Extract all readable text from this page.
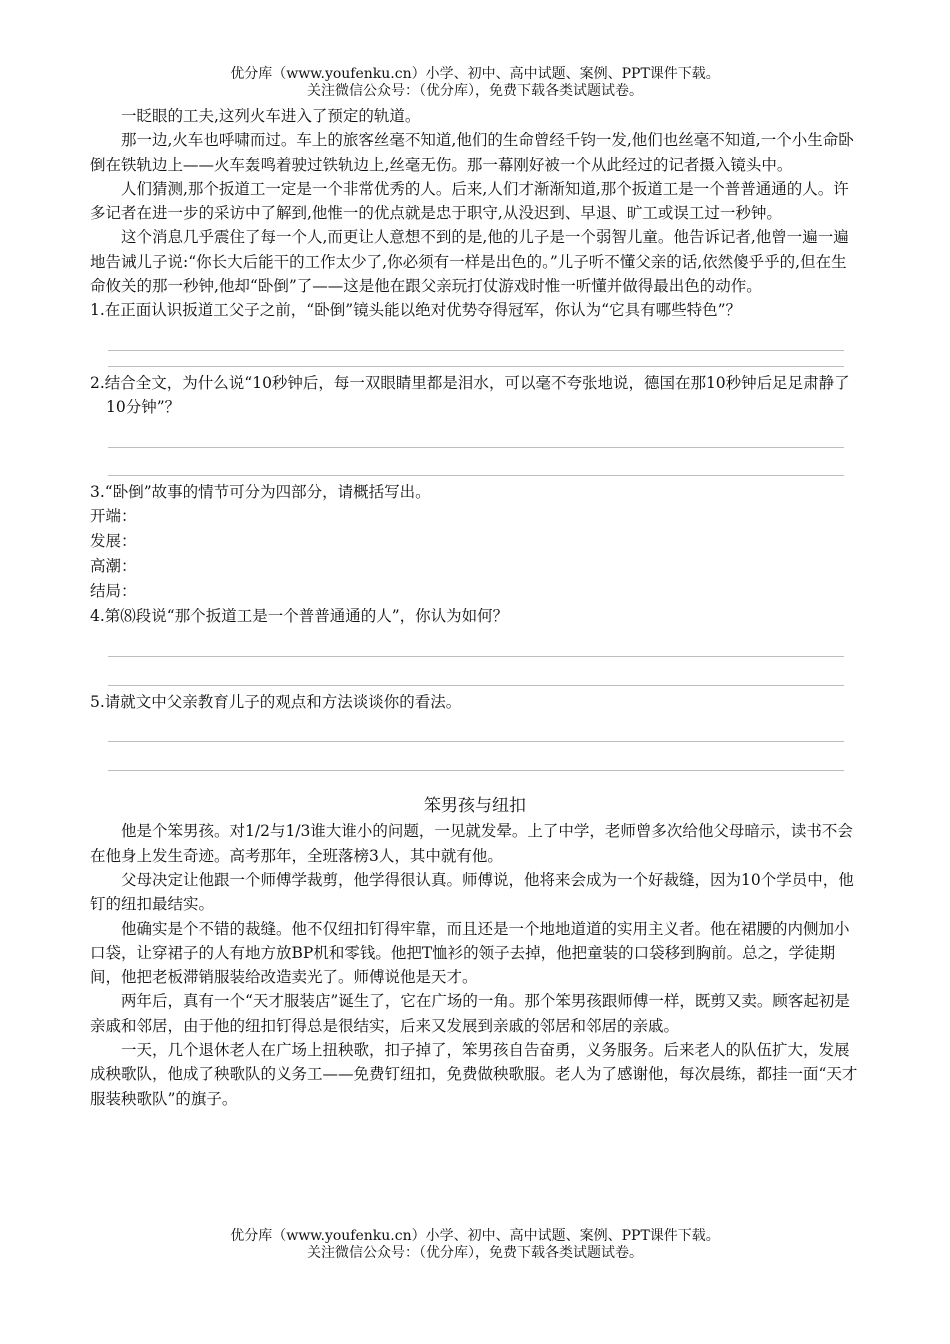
优分库（www.youfenku.cn）小学、初中、高中试题、案例、PPT课件下载。
关注微信公众号：（优分库），免费下载各类试题试卷。

一眨眼的工夫,这列火车进入了预定的轨道。

那一边,火车也呼啸而过。车上的旅客丝毫不知道,他们的生命曾经千钧一发,他们也丝毫不知道,一个小生命卧倒在铁轨边上——火车轰鸣着驶过铁轨边上,丝毫无伤。那一幕刚好被一个从此经过的记者摄入镜头中。

人们猜测,那个扳道工一定是一个非常优秀的人。后来,人们才渐渐知道,那个扳道工是一个普普通通的人。许多记者在进一步的采访中了解到,他惟一的优点就是忠于职守,从没迟到、早退、旷工或误工过一秒钟。

这个消息几乎震住了每一个人,而更让人意想不到的是,他的儿子是一个弱智儿童。他告诉记者,他曾一遍一遍地告诫儿子说:“你长大后能干的工作太少了,你必须有一样是出色的。”儿子听不懂父亲的话,依然傻乎乎的,但在生命攸关的那一秒钟,他却“卧倒”了——这是他在跟父亲玩打仗游戏时惟一听懂并做得最出色的动作。

1.在正面认识扳道工父子之前，“卧倒”镜头能以绝对优势夺得冠军，你认为“它具有哪些特色”？

2.结合全文，为什么说“10秒钟后，每一双眼睛里都是泪水，可以毫不夸张地说，德国在那10秒钟后足足肃静了10分钟”？

3.“卧倒”故事的情节可分为四部分，请概括写出。

开端：

发展：

高潮：

结局：

4.第⑻段说“那个扳道工是一个普普通通的人”，你认为如何？

5.请就文中父亲教育儿子的观点和方法谈谈你的看法。

笨男孩与纽扣

他是个笨男孩。对1/2与1/3谁大谁小的问题，一见就发晕。上了中学，老师曾多次给他父母暗示，读书不会在他身上发生奇迹。高考那年，全班落榜3人，其中就有他。

父母决定让他跟一个师傅学裁剪，他学得很认真。师傅说，他将来会成为一个好裁缝，因为10个学员中，他钉的纽扣最结实。

他确实是个不错的裁缝。他不仅纽扣钉得牢靠，而且还是一个地地道道的实用主义者。他在裙腰的内侧加小口袋，让穿裙子的人有地方放BP机和零钱。他把T恤衫的领子去掉，他把童装的口袋移到胸前。总之，学徒期间，他把老板滞销服装给改造卖光了。师傅说他是天才。

两年后，真有一个“天才服装店”诞生了，它在广场的一角。那个笨男孩跟师傅一样，既剪又卖。顾客起初是亲戚和邻居，由于他的纽扣钉得总是很结实，后来又发展到亲戚的邻居和邻居的亲戚。

一天，几个退休老人在广场上扭秧歌，扣子掉了，笨男孩自告奋勇，义务服务。后来老人的队伍扩大，发展成秧歌队，他成了秧歌队的义务工——免费钉纽扣，免费做秧歌服。老人为了感谢他，每次晨练，都挂一面“天才服装秧歌队”的旗子。

优分库（www.youfenku.cn）小学、初中、高中试题、案例、PPT课件下载。
关注微信公众号：（优分库），免费下载各类试题试卷。
